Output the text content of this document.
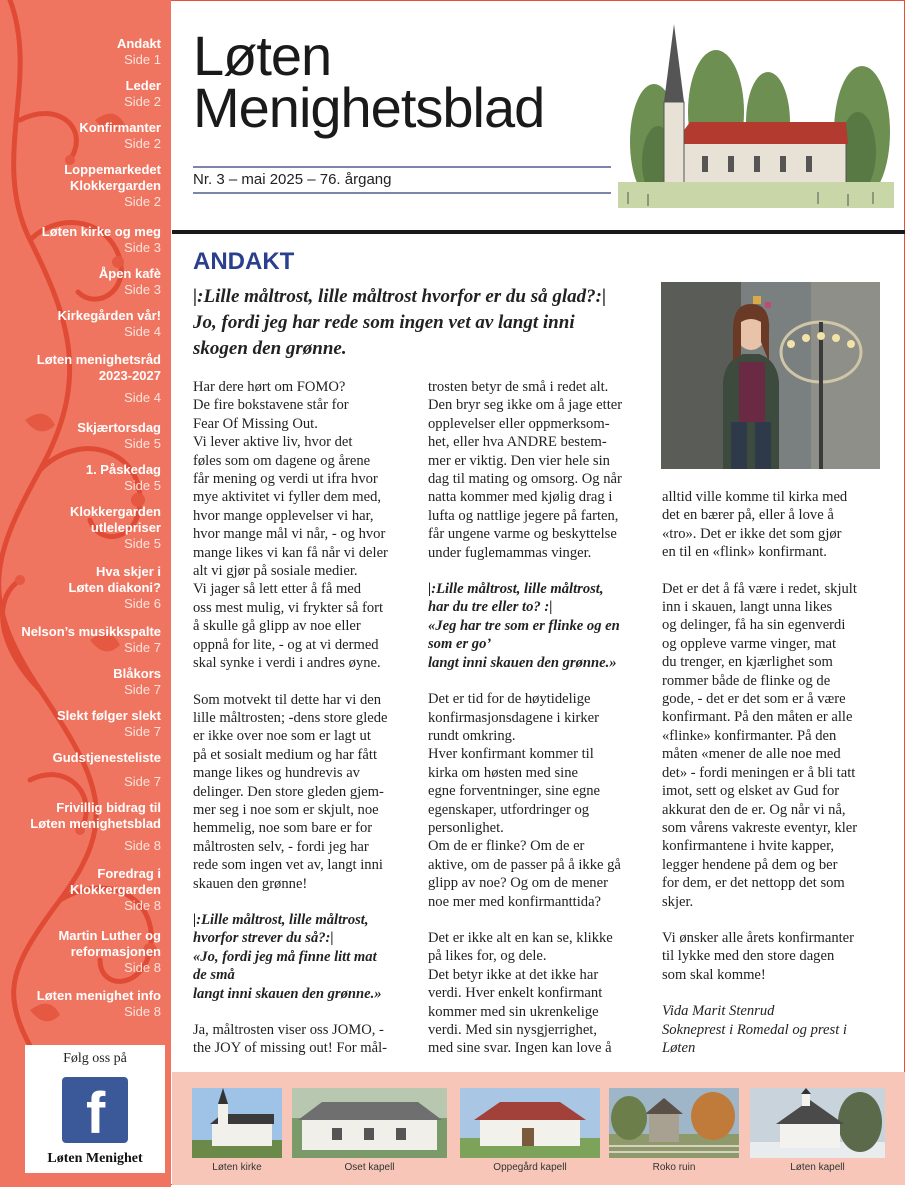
Andakt
Side 1
Leder
Side 2
Konfirmanter
Side 2
Loppemarkedet Klokkergarden
Side 2
Løten kirke og meg
Side 3
Åpen kafè
Side 3
Kirkegården vår!
Side 4
Løten menighetsråd 2023-2027
Side 4
Skjærtorsdag
Side 5
1. Påskedag
Side 5
Klokkergarden utlelepriser
Side 5
Hva skjer i Løten diakoni?
Side 6
Nelson’s musikkspalte
Side 7
Blåkors
Side 7
Slekt følger slekt
Side 7
Gudstjenesteliste
Side 7
Frivillig bidrag til Løten menighetsblad
Side 8
Foredrag i Klokkergarden
Side 8
Martin Luther og reformasjonen
Side 8
Løten menighet info
Side 8
Følg oss på
f
Løten Menighet
Løten
Menighetsblad
Nr. 3 – mai 2025 – 76. årgang
ANDAKT
|:Lille måltrost, lille måltrost hvorfor er du så glad?:|
Jo, fordi jeg har rede som ingen vet av langt inni
skogen den grønne.

Har dere hørt om FOMO?
De fire bokstavene står for
Fear Of Missing Out.
Vi lever aktive liv, hvor det
føles som om dagene og årene
får mening og verdi ut ifra hvor
mye aktivitet vi fyller dem med,
hvor mange opplevelser vi har,
hvor mange mål vi når, - og hvor
mange likes vi kan få når vi deler
alt vi gjør på sosiale medier.
Vi jager så lett etter å få med
oss mest mulig, vi frykter så fort
å skulle gå glipp av noe eller
oppnå for lite, - og at vi dermed
skal synke i verdi i andres øyne.

Som motvekt til dette har vi den
lille måltrosten; -dens store glede
er ikke over noe som er lagt ut
på et sosialt medium og har fått
mange likes og hundrevis av
delinger. Den store gleden gjem-
mer seg i noe som er skjult, noe
hemmelig, noe som bare er for
måltrosten selv, - fordi jeg har
rede som ingen vet av, langt inni
skauen den grønne!

|:Lille måltrost, lille måltrost,
hvorfor strever du så?:|
«Jo, fordi jeg må finne litt mat
de små
langt inni skauen den grønne.»

Ja, måltrosten viser oss JOMO, -
the JOY of missing out! For mål-

trosten betyr de små i redet alt.
Den bryr seg ikke om å jage etter
opplevelser eller oppmerksom-
het, eller hva ANDRE bestem-
mer er viktig. Den vier hele sin
dag til mating og omsorg. Og når
natta kommer med kjølig drag i
lufta og nattlige jegere på farten,
får ungene varme og beskyttelse
under fuglemammas vinger.

|:Lille måltrost, lille måltrost,
har du tre eller to? :|
«Jeg har tre som er flinke og en
som er go’
langt inni skauen den grønne.»

Det er tid for de høytidelige
konfirmasjonsdagene i kirker
rundt omkring.
Hver konfirmant kommer til
kirka om høsten med sine
egne forventninger, sine egne
egenskaper, utfordringer og
personlighet.
Om de er flinke? Om de er
aktive, om de passer på å ikke gå
glipp av noe? Og om de mener
noe mer med konfirmanttida?

Det er ikke alt en kan se, klikke
på likes for, og dele.
Det betyr ikke at det ikke har
verdi. Hver enkelt konfirmant
kommer med sin ukrenkelige
verdi. Med sin nysgjerrighet,
med sine svar. Ingen kan love å

alltid ville komme til kirka med
det en bærer på, eller å love å
«tro». Det er ikke det som gjør
en til en «flink» konfirmant.

Det er det å få være i redet, skjult
inn i skauen, langt unna likes
og delinger, få ha sin egenverdi
og oppleve varme vinger, mat
du trenger, en kjærlighet som
rommer både de flinke og de
gode, - det er det som er å være
konfirmant. På den måten er alle
«flinke» konfirmanter. På den
måten «mener de alle noe med
det» - fordi meningen er å bli tatt
imot, sett og elsket av Gud for
akkurat den de er. Og når vi nå,
som vårens vakreste eventyr, kler
konfirmantene i hvite kapper,
legger hendene på dem og ber
for dem, er det nettopp det som
skjer.

Vi ønsker alle årets konfirmanter
til lykke med den store dagen
som skal komme!

Vida Marit Stenrud
Sokneprest i Romedal og prest i
Løten

Løten kirke	Oset kapell	Oppegård kapell	Roko ruin	Løten kapell
